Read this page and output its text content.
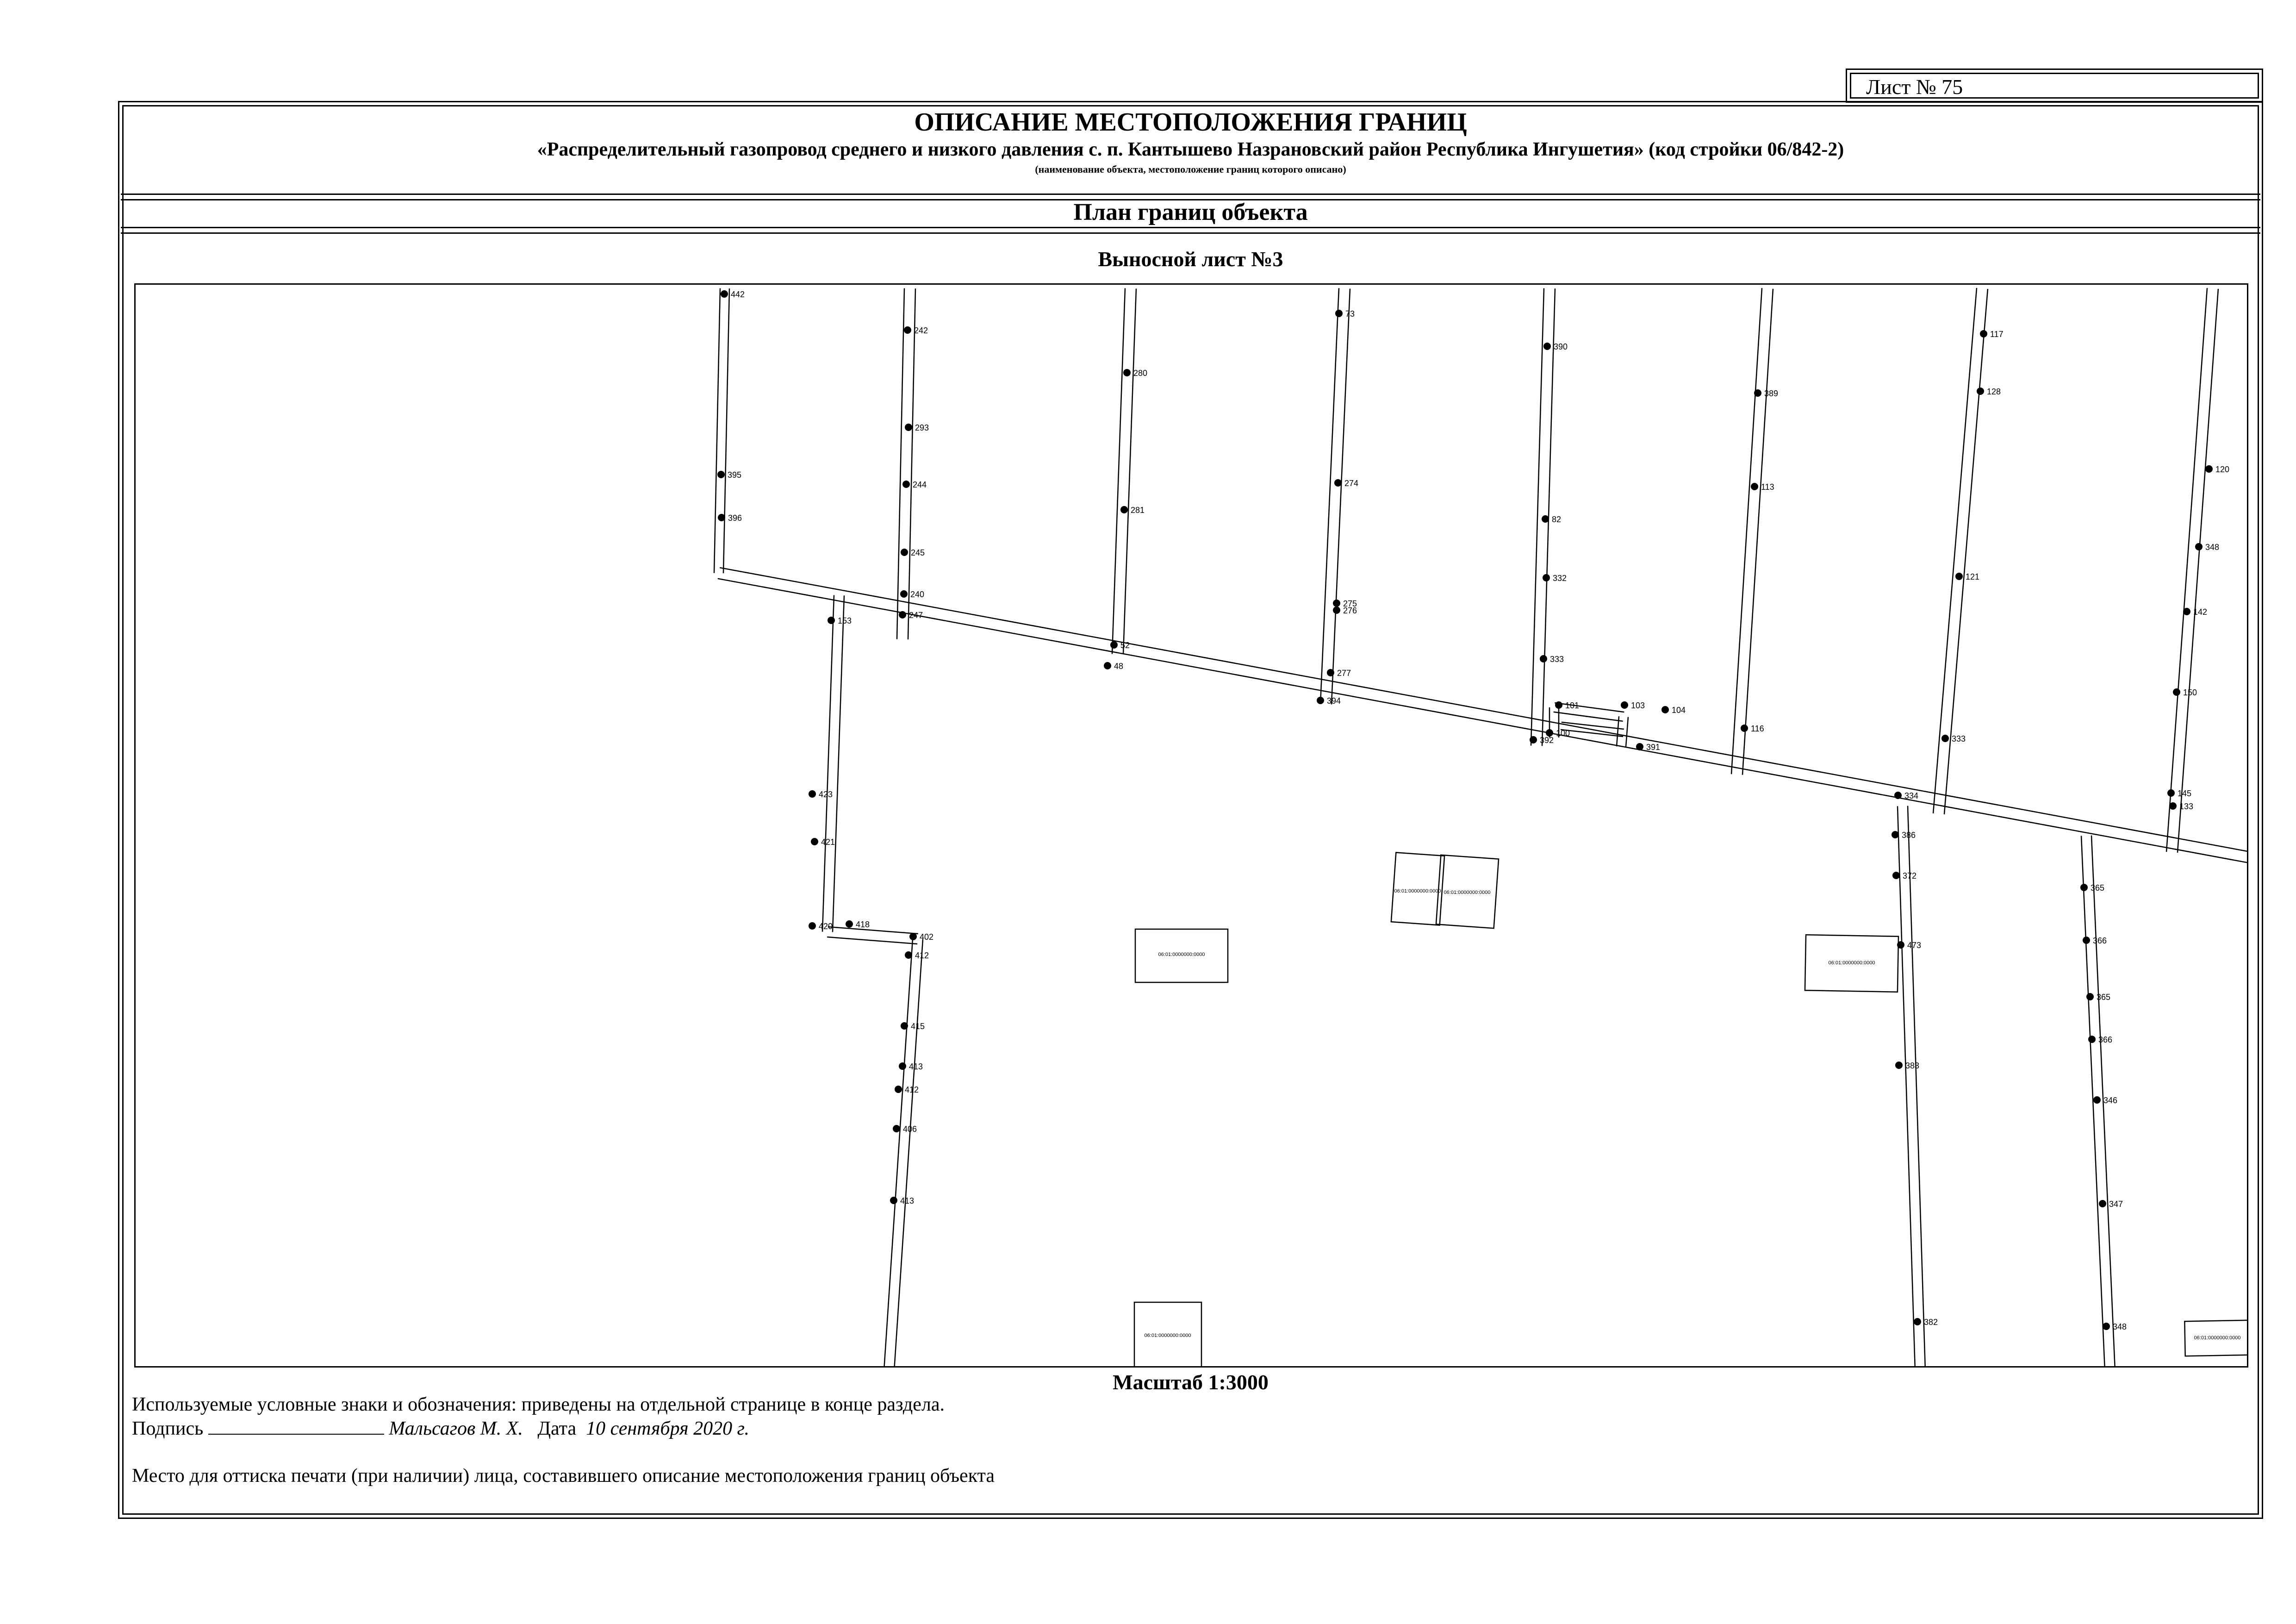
Лист № 75
ОПИСАНИЕ МЕСТОПОЛОЖЕНИЯ ГРАНИЦ
«Распределительный газопровод среднего и низкого давления с. п. Кантышево Назрановский район Республика Ингушетия» (код стройки 06/842-2)
(наименование объекта, местоположение границ которого описано)
План границ объекта
Выносной лист №3
06:01:0000000:0000
06:01:0000000:0000 06:01:0000000:0000
06:01:0000000:0000
06:01:0000000:0000	06:01:0000000:0000
442
395
396
242
293
244
245
240
247
280
281
48
52
73
274
275
276
277
394
390
82
332
333
101	103	104
100
392
391
389
113
116
117
128
121
333
334
120
348
142
150
145
133
153
423
421
420	418
402
412
415
413
406
412
413
386
372
473
383
382
365
366
365
366
346
347
348
Масштаб 1:3000
Используемые условные знаки и обозначения: приведены на отдельной странице в конце раздела.
Подпись	Мальсагов М. Х. Дата 10 сентября 2020 г.
Место для оттиска печати (при наличии) лица, составившего описание местоположения границ объекта
